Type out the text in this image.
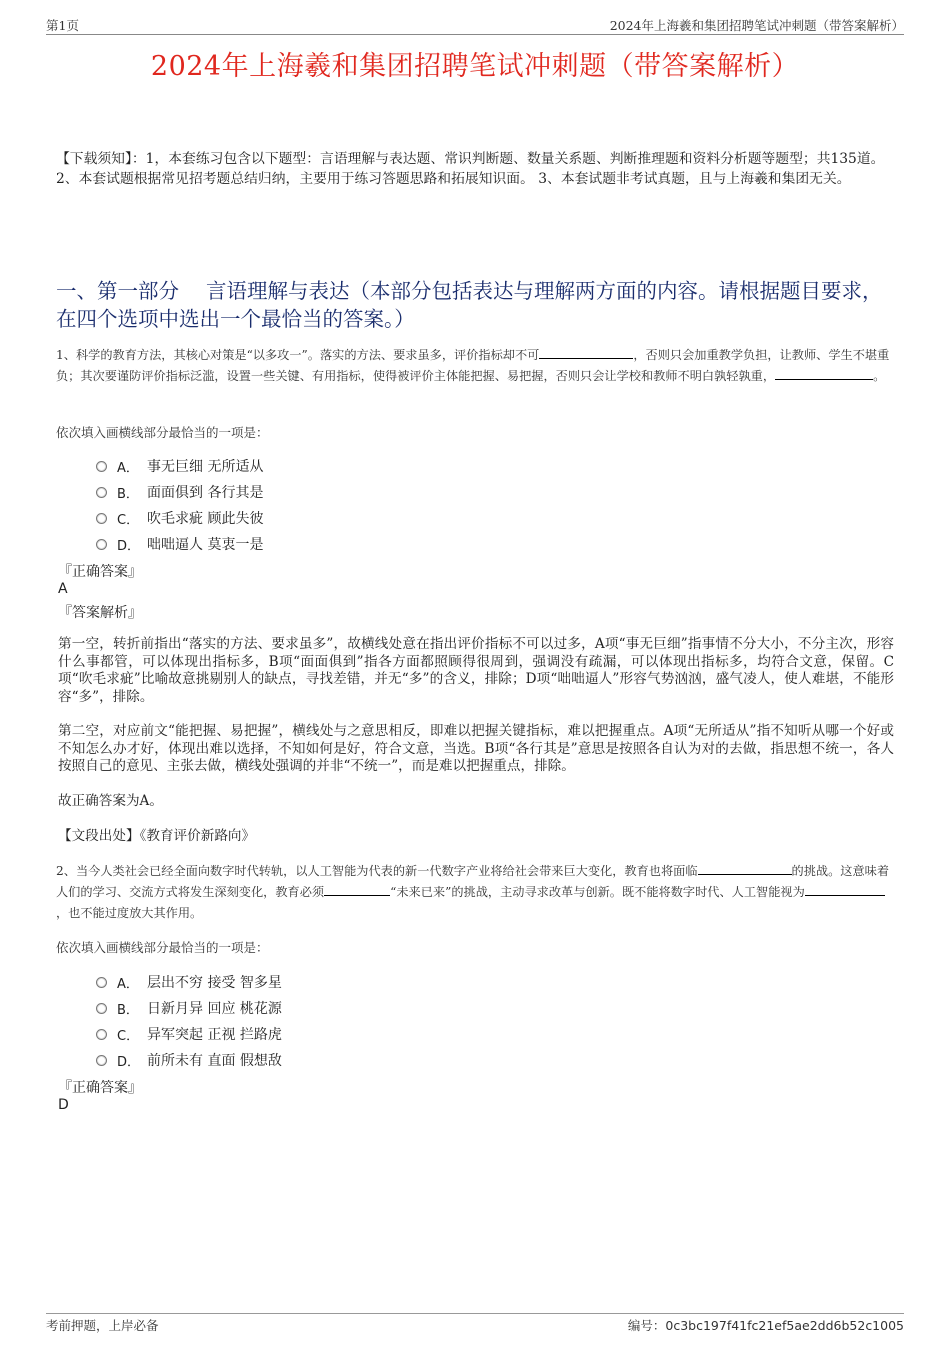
第1页	2024年上海羲和集团招聘笔试冲刺题（带答案解析）
2024年上海羲和集团招聘笔试冲刺题（带答案解析）
【下载须知】：1，本套练习包含以下题型：言语理解与表达题、常识判断题、数量关系题、判断推理题和资料分析题等题型；共135道。 2、本套试题根据常见招考题总结归纳，主要用于练习答题思路和拓展知识面。 3、本套试题非考试真题，且与上海羲和集团无关。
一、第一部分　 言语理解与表达（本部分包括表达与理解两方面的内容。请根据题目要求，在四个选项中选出一个最恰当的答案。）
1、科学的教育方法，其核心对策是“以多攻一”。落实的方法、要求虽多，评价指标却不可	，否则只会加重教学负担，让教师、学生不堪重负；其次要谨防评价指标泛滥，设置一些关键、有用指标，使得被评价主体能把握、易把握，否则只会让学校和教师不明白孰轻孰重，	。
依次填入画横线部分最恰当的一项是：
A． 事无巨细 无所适从
B． 面面俱到 各行其是
C． 吹毛求疵 顾此失彼
D． 咄咄逼人 莫衷一是
『正确答案』
A
『答案解析』
第一空，转折前指出“落实的方法、要求虽多”，故横线处意在指出评价指标不可以过多，A项“事无巨细”指事情不分大小，不分主次，形容什么事都管，可以体现出指标多，B项“面面俱到”指各方面都照顾得很周到，强调没有疏漏，可以体现出指标多，均符合文意，保留。C项“吹毛求疵”比喻故意挑剔别人的缺点，寻找差错，并无“多”的含义，排除；D项“咄咄逼人”形容气势汹汹，盛气凌人，使人难堪，不能形容“多”，排除。
第二空，对应前文“能把握、易把握”，横线处与之意思相反，即难以把握关键指标，难以把握重点。A项“无所适从”指不知听从哪一个好或不知怎么办才好，体现出难以选择，不知如何是好，符合文意，当选。B项“各行其是”意思是按照各自认为对的去做，指思想不统一，各人按照自己的意见、主张去做，横线处强调的并非“不统一”，而是难以把握重点，排除。
故正确答案为A。
【文段出处】《教育评价新路向》
2、当今人类社会已经全面向数字时代转轨，以人工智能为代表的新一代数字产业将给社会带来巨大变化，教育也将面临	的挑战。这意味着人们的学习、交流方式将发生深刻变化，教育必须	“未来已来”的挑战，主动寻求改革与创新。既不能将数字时代、人工智能视为，也不能过度放大其作用。
依次填入画横线部分最恰当的一项是：
A． 层出不穷 接受 智多星
B． 日新月异 回应 桃花源
C． 异军突起 正视 拦路虎
D． 前所未有 直面 假想敌
『正确答案』
D
考前押题，上岸必备	编号：0c3bc197f41fc21ef5ae2dd6b52c1005
